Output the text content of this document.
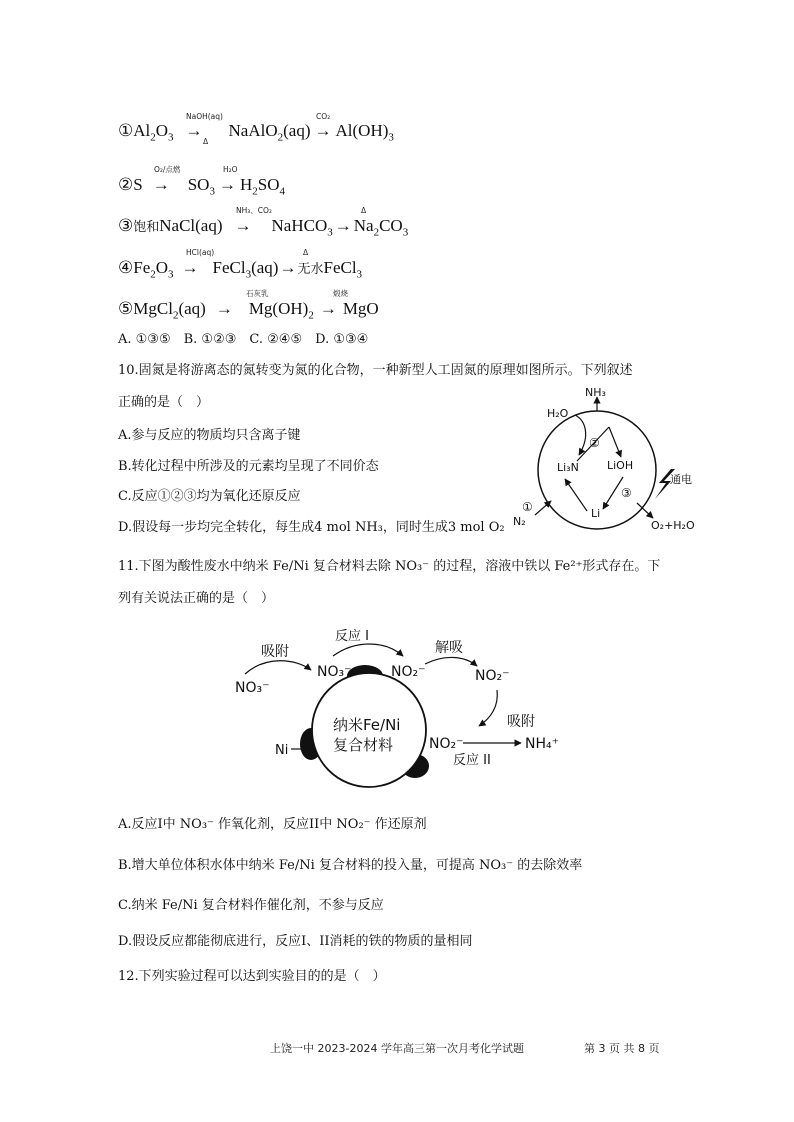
NaOH(aq)
Δ
CO₂
$①Al_2O_3$ → NaAlO$_2$(aq) → $Al(OH)_3$
O₂/点燃	H₂O
②S → $SO_3 \to H_2SO_4$
NH₃、CO₂	Δ
③饱和NaCl(aq) → NaHCO$_3$ → $Na_2CO_3$
HCl(aq)	Δ
$④Fe_2O_3$ → FeCl$_3$(aq)→无水FeCl$_3$
石灰乳	煅烧
⑤MgCl$_2$(aq) → $Mg(OH)_2$ → MgO
A. ①③⑤　B. ①②③　C. ②④⑤　D. ①③④
10.固氮是将游离态的氮转变为氮的化合物，一种新型人工固氮的原理如图所示。下列叙述
正确的是（　）
A.参与反应的物质均只含离子键
B.转化过程中所涉及的元素均呈现了不同价态
C.反应①②③均为氧化还原反应
D.假设每一步均完全转化，每生成4 mol NH₃，同时生成3 mol O₂
NH₃
H₂O
Li₃N	LiOH
Li
N₂	O₂+H₂O
通电
①
②
③
11.下图为酸性废水中纳米 Fe/Ni 复合材料去除 NO₃⁻ 的过程，溶液中铁以 Fe²⁺形式存在。下
列有关说法正确的是（　）
吸附
反应 I
解吸
吸附
NO₃⁻
NO₃⁻	NO₂⁻	NO₂⁻
NO₂⁻	NH₄⁺
反应 II
纳米Fe/Ni
复合材料
Ni
A.反应I中 NO₃⁻ 作氧化剂，反应II中 NO₂⁻ 作还原剂
B.增大单位体积水体中纳米 Fe/Ni 复合材料的投入量，可提高 NO₃⁻ 的去除效率
C.纳米 Fe/Ni 复合材料作催化剂，不参与反应
D.假设反应都能彻底进行，反应I、II消耗的铁的物质的量相同
12.下列实验过程可以达到实验目的的是（　）
上饶一中 2023-2024 学年高三第一次月考化学试题	第 3 页 共 8 页
